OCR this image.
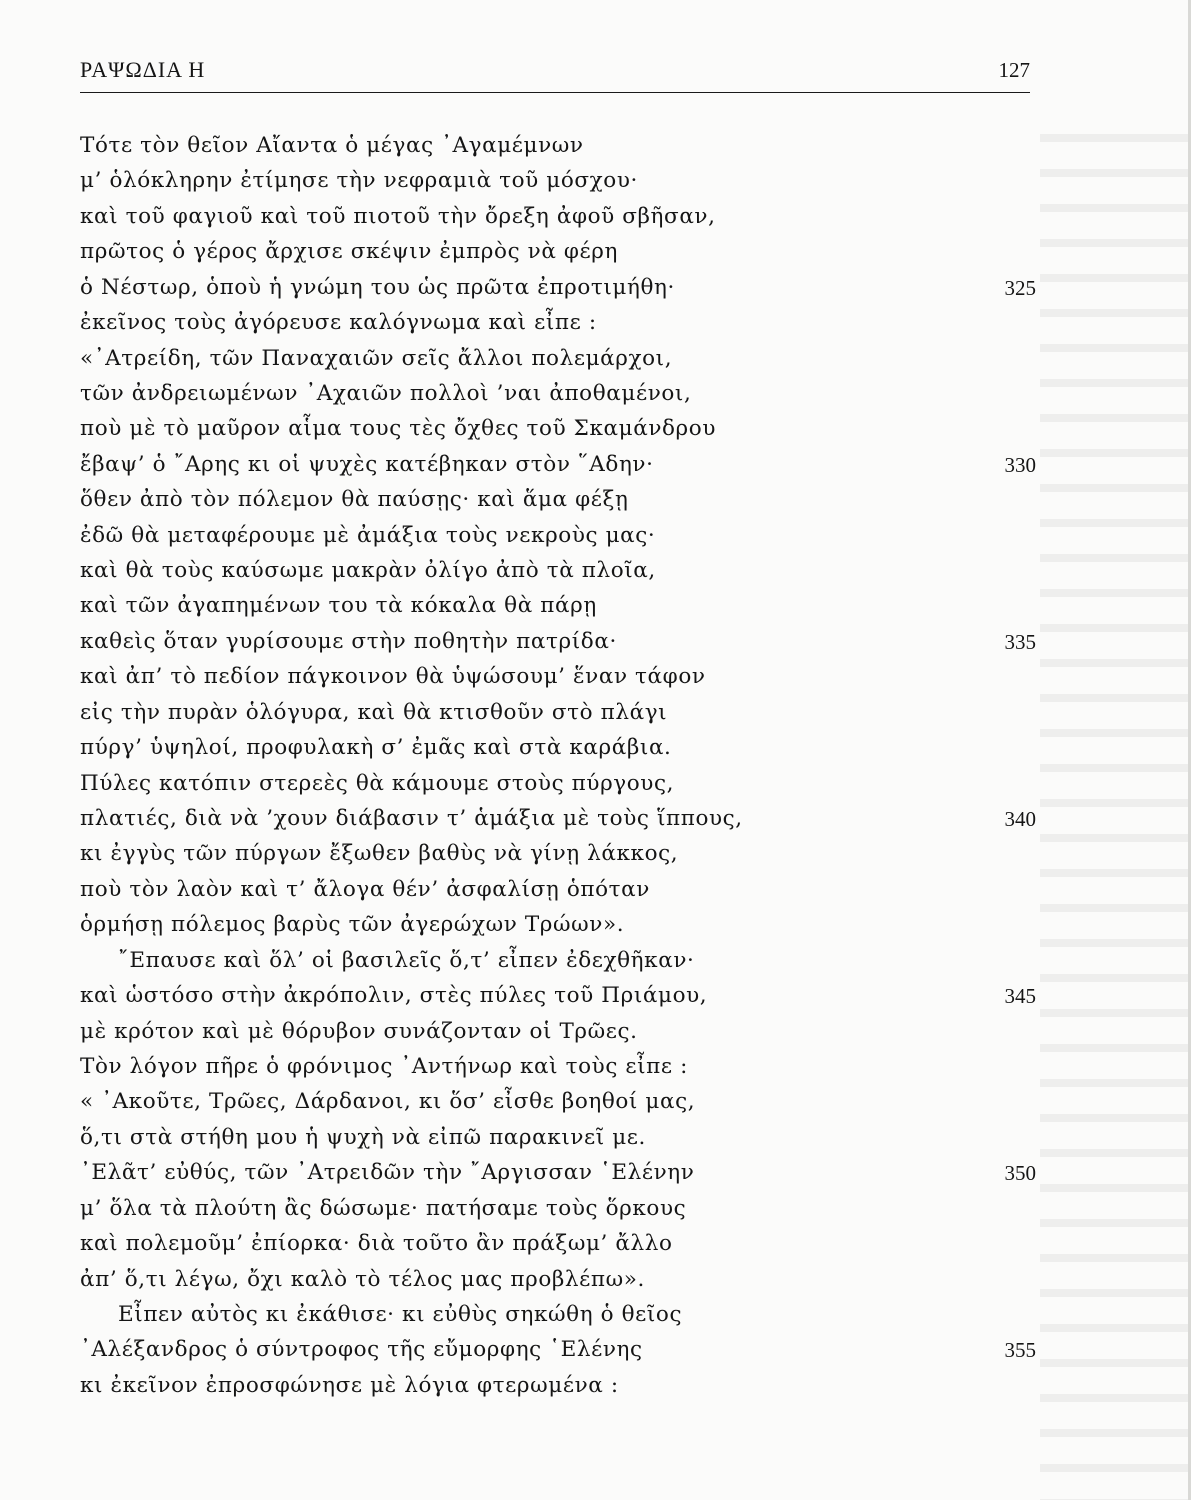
ΡΑΨΩΔΙΑ Η	127
Τότε τὸν θεῖον Αἴαντα ὁ μέγας ᾿Αγαμέμνων
μ’ ὁλόκληρην ἐτίμησε τὴν νεφραμιὰ τοῦ μόσχου·
καὶ τοῦ φαγιοῦ καὶ τοῦ πιοτοῦ τὴν ὄρεξη ἀφοῦ σβῆσαν,
πρῶτος ὁ γέρος ἄρχισε σκέψιν ἐμπρὸς νὰ φέρη
ὁ Νέστωρ, ὁποὺ ἡ γνώμη του ὡς πρῶτα ἐπροτιμήθη·	325
ἐκεῖνος τοὺς ἀγόρευσε καλόγνωμα καὶ εἶπε :
«᾿Ατρείδη, τῶν Παναχαιῶν σεῖς ἄλλοι πολεμάρχοι,
τῶν ἀνδρειωμένων ᾿Αχαιῶν πολλοὶ ’ναι ἀποθαμένοι,
ποὺ μὲ τὸ μαῦρον αἷμα τους τὲς ὄχθες τοῦ Σκαμάνδρου
ἔβαψ’ ὁ ῎Αρης κι οἱ ψυχὲς κατέβηκαν στὸν ῞Αδην·	330
ὅθεν ἀπὸ τὸν πόλεμον θὰ παύσῃς· καὶ ἅμα φέξῃ
ἐδῶ θὰ μεταφέρουμε μὲ ἀμάξια τοὺς νεκροὺς μας·
καὶ θὰ τοὺς καύσωμε μακρὰν ὀλίγο ἀπὸ τὰ πλοῖα,
καὶ τῶν ἀγαπημένων του τὰ κόκαλα θὰ πάρῃ
καθεὶς ὅταν γυρίσουμε στὴν ποθητὴν πατρίδα·	335
καὶ ἀπ’ τὸ πεδίον πάγκοινον θὰ ὑψώσουμ’ ἕναν τάφον
εἰς τὴν πυρὰν ὁλόγυρα, καὶ θὰ κτισθοῦν στὸ πλάγι
πύργ’ ὑψηλοί, προφυλακὴ σ’ ἐμᾶς καὶ στὰ καράβια.
Πύλες κατόπιν στερεὲς θὰ κάμουμε στοὺς πύργους,
πλατιές, διὰ νὰ ’χουν διάβασιν τ’ ἁμάξια μὲ τοὺς ἵππους,	340
κι ἐγγὺς τῶν πύργων ἔξωθεν βαθὺς νὰ γίνῃ λάκκος,
ποὺ τὸν λαὸν καὶ τ’ ἄλογα θέν’ ἀσφαλίσῃ ὁπόταν
ὁρμήσῃ πόλεμος βαρὺς τῶν ἀγερώχων Τρώων».
῎Επαυσε καὶ ὅλ’ οἱ βασιλεῖς ὅ,τ’ εἶπεν ἐδεχθῆκαν·
καὶ ὡστόσο στὴν ἀκρόπολιν, στὲς πύλες τοῦ Πριάμου,	345
μὲ κρότον καὶ μὲ θόρυβον συνάζονταν οἱ Τρῶες.
Τὸν λόγον πῆρε ὁ φρόνιμος ᾿Αντήνωρ καὶ τοὺς εἶπε :
« ᾿Ακοῦτε, Τρῶες, Δάρδανοι, κι ὅσ’ εἶσθε βοηθοί μας,
ὅ,τι στὰ στήθη μου ἡ ψυχὴ νὰ εἰπῶ παρακινεῖ με.
᾿Ελᾶτ’ εὐθύς, τῶν ᾿Ατρειδῶν τὴν ῎Αργισσαν ῾Ελένην	350
μ’ ὅλα τὰ πλούτη ἂς δώσωμε· πατήσαμε τοὺς ὅρκους
καὶ πολεμοῦμ’ ἐπίορκα· διὰ τοῦτο ἂν πράξωμ’ ἄλλο
ἀπ’ ὅ,τι λέγω, ὄχι καλὸ τὸ τέλος μας προβλέπω».
Εἶπεν αὐτὸς κι ἐκάθισε· κι εὐθὺς σηκώθη ὁ θεῖος
᾿Αλέξανδρος ὁ σύντροφος τῆς εὔμορφης ῾Ελένης	355
κι ἐκεῖνον ἐπροσφώνησε μὲ λόγια φτερωμένα :
